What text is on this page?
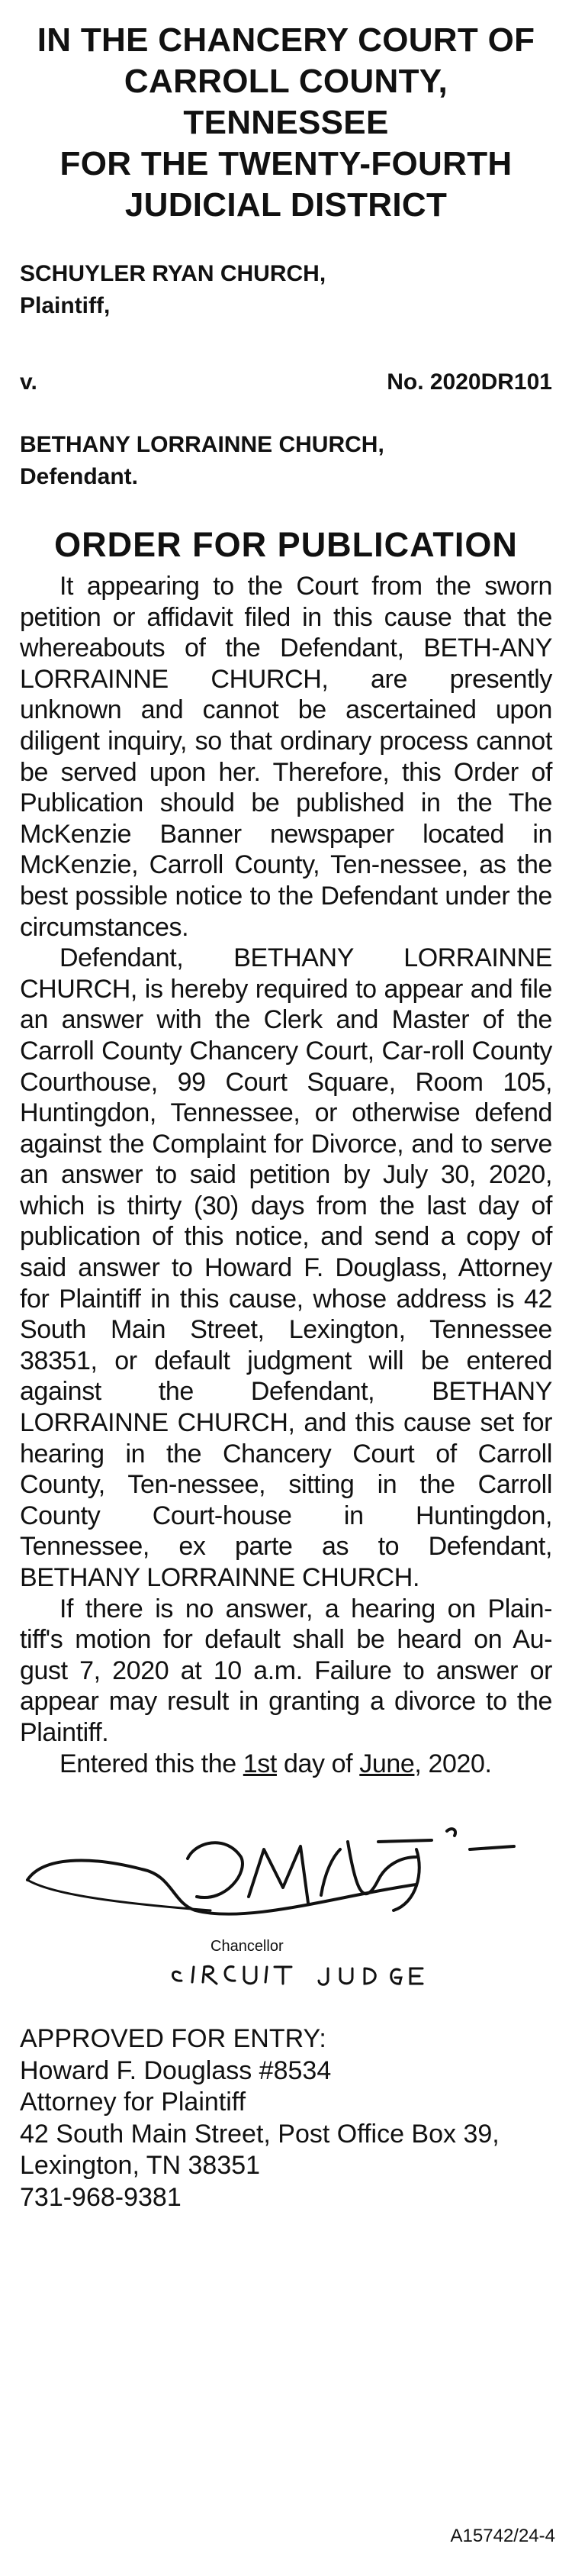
IN THE CHANCERY COURT OF
CARROLL COUNTY, TENNESSEE
FOR THE TWENTY-FOURTH
JUDICIAL DISTRICT
SCHUYLER RYAN CHURCH,
Plaintiff,
v.	No. 2020DR101
BETHANY LORRAINNE CHURCH,
Defendant.
ORDER FOR PUBLICATION

It appearing to the Court from the sworn petition or affidavit filed in this cause that the whereabouts of the Defendant, BETH-ANY LORRAINNE CHURCH, are presently unknown and cannot be ascertained upon diligent inquiry, so that ordinary process cannot be served upon her. Therefore, this Order of Publication should be published in the The McKenzie Banner newspaper located in McKenzie, Carroll County, Ten-nessee, as the best possible notice to the Defendant under the circumstances.

Defendant, BETHANY LORRAINNE CHURCH, is hereby required to appear and file an answer with the Clerk and Master of the Carroll County Chancery Court, Car-roll County Courthouse, 99 Court Square, Room 105, Huntingdon, Tennessee, or otherwise defend against the Complaint for Divorce, and to serve an answer to said petition by July 30, 2020, which is thirty (30) days from the last day of publication of this notice, and send a copy of said answer to Howard F. Douglass, Attorney for Plaintiff in this cause, whose address is 42 South Main Street, Lexington, Tennessee 38351, or default judgment will be entered against the Defendant, BETHANY LORRAINNE CHURCH, and this cause set for hearing in the Chancery Court of Carroll County, Ten-nessee, sitting in the Carroll County Court-house in Huntingdon, Tennessee, ex parte as to Defendant, BETHANY LORRAINNE CHURCH.

If there is no answer, a hearing on Plain-tiff's motion for default shall be heard on Au-gust 7, 2020 at 10 a.m. Failure to answer or appear may result in granting a divorce to the Plaintiff.

Entered this the 1st day of June, 2020.

Chancellor
APPROVED FOR ENTRY:
Howard F. Douglass #8534
Attorney for Plaintiff
42 South Main Street, Post Office Box 39,
Lexington, TN 38351
731-968-9381
A15742/24-4
